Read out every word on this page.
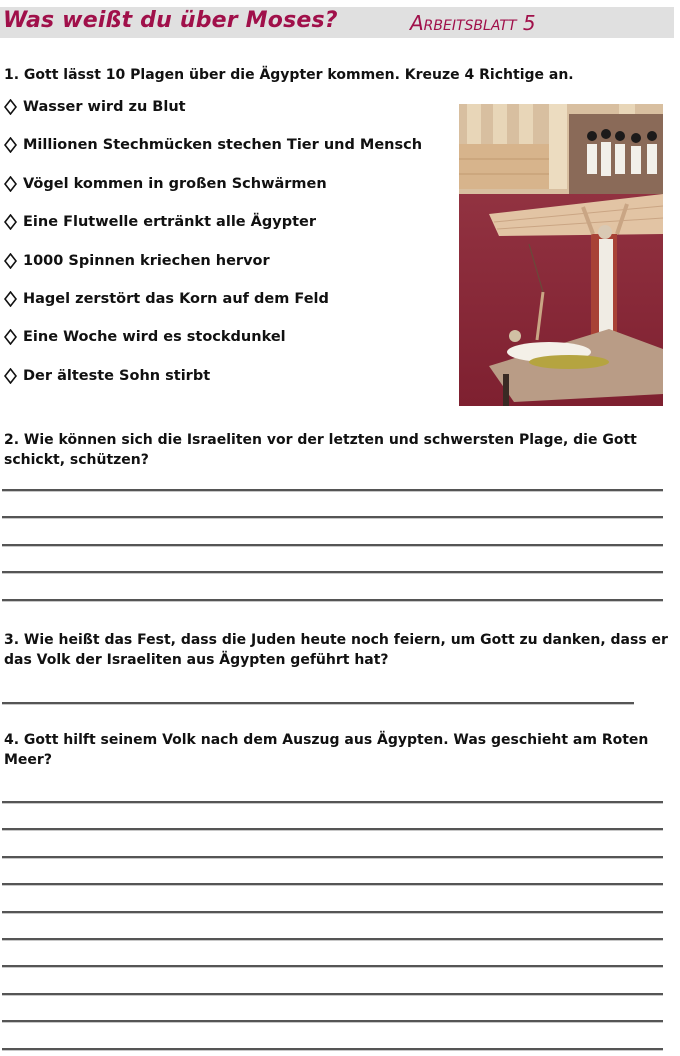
Was weißt du über Moses?	Arbeitsblatt 5
1. Gott lässt 10 Plagen über die Ägypter kommen. Kreuze 4 Richtige an.
Wasser wird zu Blut
Millionen Stechmücken stechen Tier und Mensch
Vögel kommen in großen Schwärmen
Eine Flutwelle ertränkt alle Ägypter
1000 Spinnen kriechen hervor
Hagel zerstört das Korn auf dem Feld
Eine Woche wird es stockdunkel
Der älteste Sohn stirbt
2. Wie können sich die Israeliten vor der letzten und schwersten Plage, die Gott schickt, schützen?
3. Wie heißt das Fest, dass die Juden heute noch feiern, um Gott zu danken, dass er das Volk der Israeliten aus Ägypten geführt hat?
4. Gott hilft seinem Volk nach dem Auszug aus Ägypten. Was geschieht am Roten Meer?
